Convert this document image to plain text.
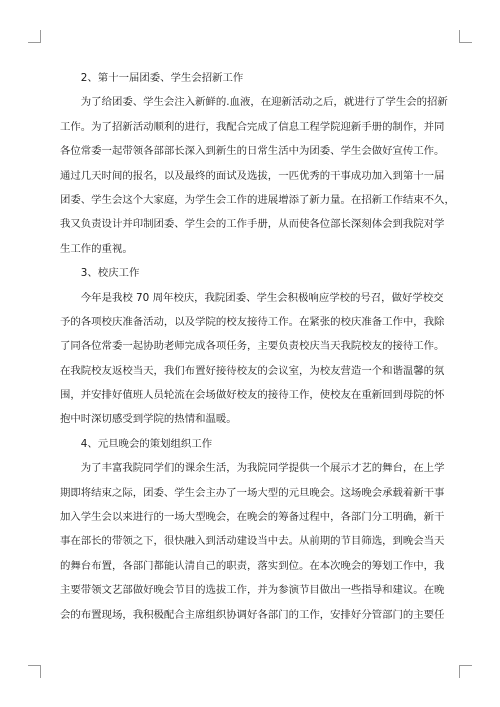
2、第十一届团委、学生会招新工作

为了给团委、学生会注入新鲜的.血液，在迎新活动之后，就进行了学生会的招新
工作。为了招新活动顺利的进行，我配合完成了信息工程学院迎新手册的制作，并同
各位常委一起带领各部部长深入到新生的日常生活中为团委、学生会做好宣传工作。
通过几天时间的报名，以及最终的面试及选拔，一匹优秀的干事成功加入到第十一届
团委、学生会这个大家庭，为学生会工作的进展增添了新力量。在招新工作结束不久，
我又负责设计并印制团委、学生会的工作手册，从而使各位部长深刻体会到我院对学
生工作的重视。

3、校庆工作

今年是我校 70 周年校庆，我院团委、学生会积极响应学校的号召，做好学校交
予的各项校庆准备活动，以及学院的校友接待工作。在紧张的校庆准备工作中，我除
了同各位常委一起协助老师完成各项任务，主要负责校庆当天我院校友的接待工作。
在我院校友返校当天，我们布置好接待校友的会议室，为校友营造一个和谐温馨的氛
围，并安排好值班人员轮流在会场做好校友的接待工作，使校友在重新回到母院的怀
抱中时深切感受到学院的热情和温暖。

4、元旦晚会的策划组织工作

为了丰富我院同学们的课余生活，为我院同学提供一个展示才艺的舞台，在上学
期即将结束之际，团委、学生会主办了一场大型的元旦晚会。这场晚会承载着新干事
加入学生会以来进行的一场大型晚会，在晚会的筹备过程中，各部门分工明确，新干
事在部长的带领之下，很快融入到活动建设当中去。从前期的节目筛选，到晚会当天
的舞台布置，各部门都能认清自己的职责，落实到位。在本次晚会的筹划工作中，我
主要带领文艺部做好晚会节目的选拔工作，并为参演节目做出一些指导和建议。在晚
会的布置现场，我积极配合主席组织协调好各部门的工作，安排好分管部门的主要任
